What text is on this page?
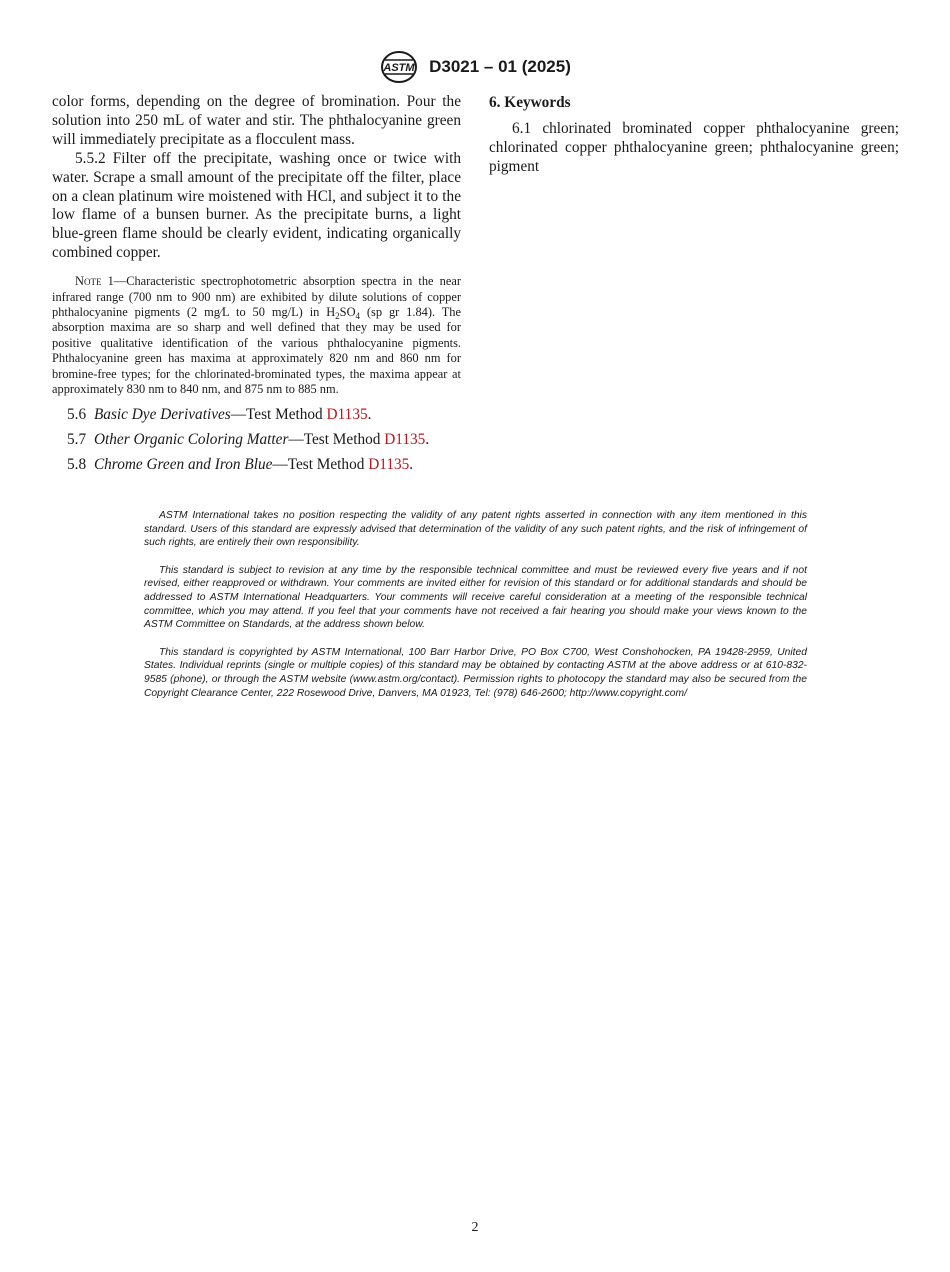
ASTM D3021 – 01 (2025)

color forms, depending on the degree of bromination. Pour the solution into 250 mL of water and stir. The phthalocyanine green will immediately precipitate as a flocculent mass.

5.5.2 Filter off the precipitate, washing once or twice with water. Scrape a small amount of the precipitate off the filter, place on a clean platinum wire moistened with HCl, and subject it to the low flame of a bunsen burner. As the precipitate burns, a light blue-green flame should be clearly evident, indicating organically combined copper.

Note 1—Characteristic spectrophotometric absorption spectra in the near infrared range (700 nm to 900 nm) are exhibited by dilute solutions of copper phthalocyanine pigments (2 mg⁄L to 50 mg/L) in $H_2SO_4$ (sp gr 1.84). The absorption maxima are so sharp and well defined that they may be used for positive qualitative identification of the various phthalocyanine pigments. Phthalocyanine green has maxima at approximately 820 nm and 860 nm for bromine-free types; for the chlorinated-brominated types, the maxima appear at approximately 830 nm to 840 nm, and 875 nm to 885 nm.
5.6 Basic Dye Derivatives—Test Method D1135.
5.7 Other Organic Coloring Matter—Test Method D1135.
5.8 Chrome Green and Iron Blue—Test Method D1135.
6. Keywords

6.1 chlorinated brominated copper phthalocyanine green; chlorinated copper phthalocyanine green; phthalocyanine green; pigment

ASTM International takes no position respecting the validity of any patent rights asserted in connection with any item mentioned in this standard. Users of this standard are expressly advised that determination of the validity of any such patent rights, and the risk of infringement of such rights, are entirely their own responsibility.
This standard is subject to revision at any time by the responsible technical committee and must be reviewed every five years and if not revised, either reapproved or withdrawn. Your comments are invited either for revision of this standard or for additional standards and should be addressed to ASTM International Headquarters. Your comments will receive careful consideration at a meeting of the responsible technical committee, which you may attend. If you feel that your comments have not received a fair hearing you should make your views known to the ASTM Committee on Standards, at the address shown below.
This standard is copyrighted by ASTM International, 100 Barr Harbor Drive, PO Box C700, West Conshohocken, PA 19428-2959, United States. Individual reprints (single or multiple copies) of this standard may be obtained by contacting ASTM at the above address or at 610-832-9585 (phone), or through the ASTM website (www.astm.org/contact). Permission rights to photocopy the standard may also be secured from the Copyright Clearance Center, 222 Rosewood Drive, Danvers, MA 01923, Tel: (978) 646-2600; http://www.copyright.com/
2
